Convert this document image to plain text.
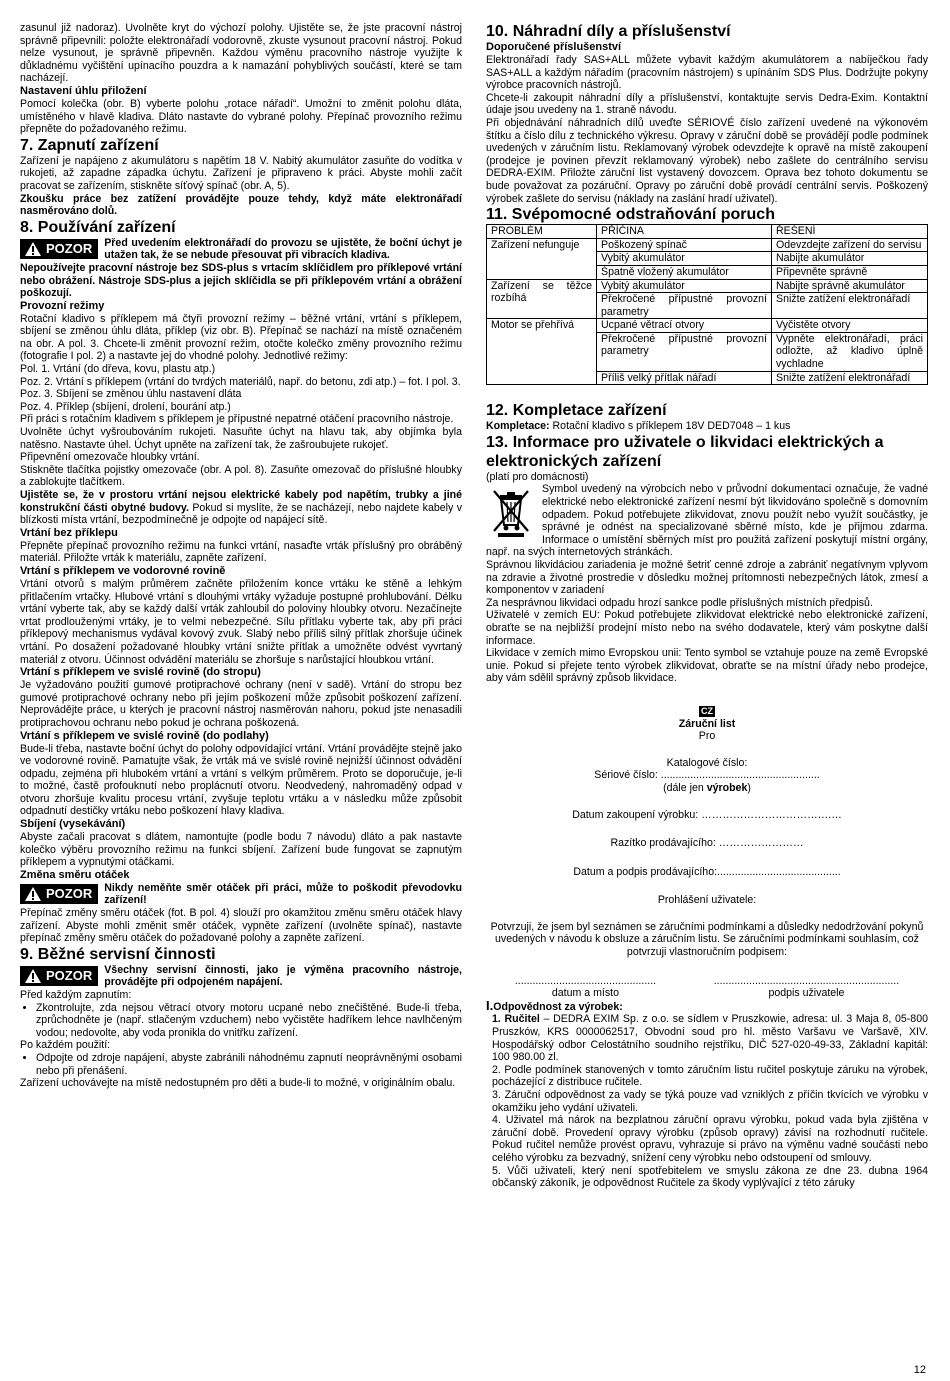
zasunul již nadoraz). Uvolněte kryt do výchozí polohy. Ujistěte se, že jste pracovní nástroj správně připevnili: položte elektronářadí vodorovně, zkuste vysunout pracovní nástroj. Pokud nelze vysunout, je správně připevněn. Každou výměnu pracovního nástroje využijte k důkladnému vyčištění upínacího pouzdra a k namazání pohyblivých součástí, které se tam nacházejí.

Nastavení úhlu přiložení

Pomocí kolečka (obr. B) vyberte polohu „rotace nářadí“. Umožní to změnit polohu dláta, umístěného v hlavě kladiva. Dláto nastavte do vybrané polohy. Přepínač provozního režimu přepněte do požadovaného režimu.

7. Zapnutí zařízení

Zařízení je napájeno z akumulátoru s napětím 18 V. Nabitý akumulátor zasuňte do vodítka v rukojeti, až zapadne západka úchytu. Zařízení je připraveno k práci. Abyste mohli začít pracovat se zařízením, stiskněte síťový spínač (obr. A, 5).

Zkoušku práce bez zatížení provádějte pouze tehdy, když máte elektronářadí nasměrováno dolů.

8. Používání zařízení
POZOR	Před uvedením elektronářadí do provozu se ujistěte, že boční úchyt je utažen tak, že se nebude přesouvat při vibracích kladiva.

Nepoužívejte pracovní nástroje bez SDS-plus s vrtacím sklíčidlem pro příklepové vrtání nebo obrážení. Nástroje SDS-plus a jejich sklíčidla se při příklepovém vrtání a obrážení poškozují.

Provozní režimy

Rotační kladivo s příklepem má čtyři provozní režimy – běžné vrtání, vrtání s příklepem, sbíjení se změnou úhlu dláta, příklep (viz obr. B). Přepínač se nachází na místě označeném na obr. A pol. 3. Chcete-li změnit provozní režim, otočte kolečko změny provozního režimu (fotografie I pol. 2) a nastavte jej do vhodné polohy. Jednotlivé režimy:

Pol. 1. Vrtání (do dřeva, kovu, plastu atp.)

Poz. 2. Vrtání s příklepem (vrtání do tvrdých materiálů, např. do betonu, zdi atp.) – fot. I pol. 3.

Poz. 3. Sbíjení se změnou úhlu nastavení dláta

Poz. 4. Příklep (sbíjení, drolení, bourání atp.)

Při práci s rotačním kladivem s příklepem je přípustné nepatrné otáčení pracovního nástroje.

Uvolněte úchyt vyšroubováním rukojeti. Nasuňte úchyt na hlavu tak, aby objímka byla natěsno. Nastavte úhel. Úchyt upněte na zařízení tak, že zašroubujete rukojeť.

Připevnění omezovače hloubky vrtání.

Stiskněte tlačítka pojistky omezovače (obr. A pol. 8). Zasuňte omezovač do příslušné hloubky a zablokujte tlačítkem.

Ujistěte se, že v prostoru vrtání nejsou elektrické kabely pod napětím, trubky a jiné konstrukční části obytné budovy. Pokud si myslíte, že se nacházejí, nebo najdete kabely v blízkosti místa vrtání, bezpodmínečně je odpojte od napájecí sítě.

Vrtání bez příklepu

Přepněte přepínač provozního režimu na funkci vrtání, nasaďte vrták příslušný pro obráběný materiál. Přiložte vrták k materiálu, zapněte zařízení.

Vrtání s příklepem ve vodorovné rovině

Vrtání otvorů s malým průměrem začněte přiložením konce vrtáku ke stěně a lehkým přitlačením vrtačky. Hlubové vrtání s dlouhými vrtáky vyžaduje postupné prohlubování. Délku vrtání vyberte tak, aby se každý další vrták zahloubil do poloviny hloubky otvoru. Nezačínejte vrtat prodlouženými vrtáky, je to velmi nebezpečné. Sílu přítlaku vyberte tak, aby při práci příklepový mechanismus vydával kovový zvuk. Slabý nebo příliš silný přítlak zhoršuje účinek vrtání. Po dosažení požadované hloubky vrtání snižte přítlak a umožněte odvést vyvrtaný materiál z otvoru. Účinnost odvádění materiálu se zhoršuje s narůstající hloubkou vrtání.

Vrtání s příklepem ve svislé rovině (do stropu)

Je vyžadováno použití gumové protiprachové ochrany (není v sadě). Vrtání do stropu bez gumové protiprachové ochrany nebo při jejím poškození může způsobit poškození zařízení. Neprovádějte práce, u kterých je pracovní nástroj nasměrován nahoru, pokud jste nenasadili protiprachovou ochranu nebo pokud je ochrana poškozená.

Vrtání s příklepem ve svislé rovině (do podlahy)

Bude-li třeba, nastavte boční úchyt do polohy odpovídající vrtání. Vrtání provádějte stejně jako ve vodorovné rovině. Pamatujte však, že vrták má ve svislé rovině nejnižší účinnost odvádění odpadu, zejména při hlubokém vrtání a vrtání s velkým průměrem. Proto se doporučuje, je-li to možné, častě profouknutí nebo proplácnutí otvoru. Neodvedený, nahromaděný odpad v otvoru zhoršuje kvalitu procesu vrtání, zvyšuje teplotu vrtáku a v následku může způsobit odpadnutí destičky vrtáku nebo poškození hlavy kladiva.

Sbíjení (vysekávání)

Abyste začali pracovat s dlátem, namontujte (podle bodu 7 návodu) dláto a pak nastavte kolečko výběru provozního režimu na funkci sbíjení. Zařízení bude fungovat se zapnutým příklepem a vypnutými otáčkami.

Změna směru otáček
POZOR	Nikdy neměňte směr otáček při práci, může to poškodit převodovku zařízení!

Přepínač změny směru otáček (fot. B pol. 4) slouží pro okamžitou změnu směru otáček hlavy zařízení. Abyste mohli změnit směr otáček, vypněte zařízení (uvolněte spínač), nastavte přepínač změny směru otáček do požadované polohy a zapněte zařízení.

9. Běžné servisní činnosti
POZOR	Všechny servisní činnosti, jako je výměna pracovního nástroje, provádějte při odpojeném napájení.

Před každým zapnutím:

• Zkontrolujte, zda nejsou větrací otvory motoru ucpané nebo znečištěné. Bude-li třeba, zprůchodněte je (např. stlačeným vzduchem) nebo vyčistěte hadříkem lehce navlhčeným vodou; nedovolte, aby voda pronikla do vnitřku zařízení.

Po každém použití:

• Odpojte od zdroje napájení, abyste zabránili náhodnému zapnutí neoprávněnými osobami nebo při přenášení.

Zařízení uchovávejte na místě nedostupném pro děti a bude-li to možné, v originálním obalu.

10. Náhradní díly a příslušenství
Doporučené příslušenství

Elektronářadí řady SAS+ALL můžete vybavit každým akumulátorem a nabíječkou řady SAS+ALL a každým nářadím (pracovním nástrojem) s upínáním SDS Plus. Dodržujte pokyny výrobce pracovních nástrojů.

Chcete-li zakoupit náhradní díly a příslušenství, kontaktujte servis Dedra-Exim. Kontaktní údaje jsou uvedeny na 1. straně návodu.

Při objednávání náhradních dílů uveďte SÉRIOVÉ číslo zařízení uvedené na výkonovém štítku a číslo dílu z technického výkresu. Opravy v záruční době se provádějí podle podmínek uvedených v záručním listu. Reklamovaný výrobek odevzdejte k opravě na místě zakoupení (prodejce je povinen převzít reklamovaný výrobek) nebo zašlete do centrálního servisu DEDRA-EXIM. Přiložte záruční list vystavený dovozcem. Oprava bez tohoto dokumentu se bude považovat za pozáruční. Opravy po záruční době provádí centrální servis. Poškozený výrobek zašlete do servisu (náklady na zaslání hradí uživatel).

11. Svépomocné odstraňování poruch
PROBLÉM	PŘÍČINA	ŘEŠENÍ
Zařízení nefunguje	Poškozený spínač	Odevzdejte zařízení do servisu
	Vybitý akumulátor	Nabijte akumulátor
	Špatně vložený akumulátor	Připevněte správně
Zařízení se těžce rozbíhá	Vybitý akumulátor	Nabijte správně akumulátor
	Překročené přípustné provozní parametry	Snižte zatížení elektronářadí
Motor se přehřívá	Ucpané větrací otvory	Vyčistěte otvory
	Překročené přípustné provozní parametry	Vypněte elektronářadí, práci odložte, až kladivo úplně vychladne
	Příliš velký přítlak nářadí	Snižte zatížení elektronářadí
12. Kompletace zařízení

Kompletace: Rotační kladivo s příklepem 18V DED7048 – 1 kus

13. Informace pro uživatele o likvidaci elektrických a elektronických zařízení

(platí pro domácnosti)

Symbol uvedený na výrobcích nebo v průvodní dokumentaci označuje, že vadné elektrické nebo elektronické zařízení nesmí být likvidováno společně s domovním odpadem. Pokud potřebujete zlikvidovat, znovu použít nebo využít součástky, je správné je odnést na specializované sběrné místo, kde je přijmou zdarma. Informace o umístění sběrných míst pro použitá zařízení poskytují místní orgány, např. na svých internetových stránkách.

Správnou likvidáciou zariadenia je možné šetriť cenné zdroje a zabrániť negatívnym vplyvom na zdravie a životné prostredie v dôsledku možnej prítomnosti nebezpečných látok, zmesí a komponentov v zariadení

Za nesprávnou likvidaci odpadu hrozí sankce podle příslušných místních předpisů.

Uživatelé v zemích EU: Pokud potřebujete zlikvidovat elektrické nebo elektronické zařízení, obraťte se na nejbližší prodejní místo nebo na svého dodavatele, který vám poskytne další informace.

Likvidace v zemích mimo Evropskou unii: Tento symbol se vztahuje pouze na země Evropské unie. Pokud si přejete tento výrobek zlikvidovat, obraťte se na místní úřady nebo prodejce, aby vám sdělil správný způsob likvidace.

CZ
Záruční list
Pro
Katalogové číslo:
Sériové číslo: ......................................................
(dále jen výrobek)
Datum zakoupení výrobku: ……………………………….…
Razítko prodávajícího: ……………………
Datum a podpis prodávajícího:..........................................
Prohlášení uživatele:
Potvrzuji, že jsem byl seznámen se záručními podmínkami a důsledky nedodržování pokynů uvedených v návodu k obsluze a záručním listu. Se záručními podmínkami souhlasím, což potvrzuji vlastnoručním podpisem:
................................................
datum a místo
...............................................................
podpis uživatele

I.Odpovědnost za výrobek:

1. Ručitel – DEDRA EXIM Sp. z o.o. se sídlem v Pruszkowie, adresa: ul. 3 Maja 8, 05-800 Pruszków, KRS 0000062517, Obvodní soud pro hl. město Varšavu ve Varšavě, XIV. Hospodářský odbor Celostátního soudního rejstříku, DIČ 527-020-49-33, Základní kapitál: 100 980.00 zl.

2. Podle podmínek stanovených v tomto záručním listu ručitel poskytuje záruku na výrobek, pocházející z distribuce ručitele.

3. Záruční odpovědnost za vady se týká pouze vad vzniklých z příčin tkvících ve výrobku v okamžiku jeho vydání uživateli.

4. Uživatel má nárok na bezplatnou záruční opravu výrobku, pokud vada byla zjištěna v záruční době. Provedení opravy výrobku (způsob opravy) závisí na rozhodnutí ručitele. Pokud ručitel nemůže provést opravu, vyhrazuje si právo na výměnu vadné součásti nebo celého výrobku za bezvadný, snížení ceny výrobku nebo odstoupení od smlouvy.

5. Vůči uživateli, který není spotřebitelem ve smyslu zákona ze dne 23. dubna 1964 občanský zákoník, je odpovědnost Ručitele za škody vyplývající z této záruky

12
